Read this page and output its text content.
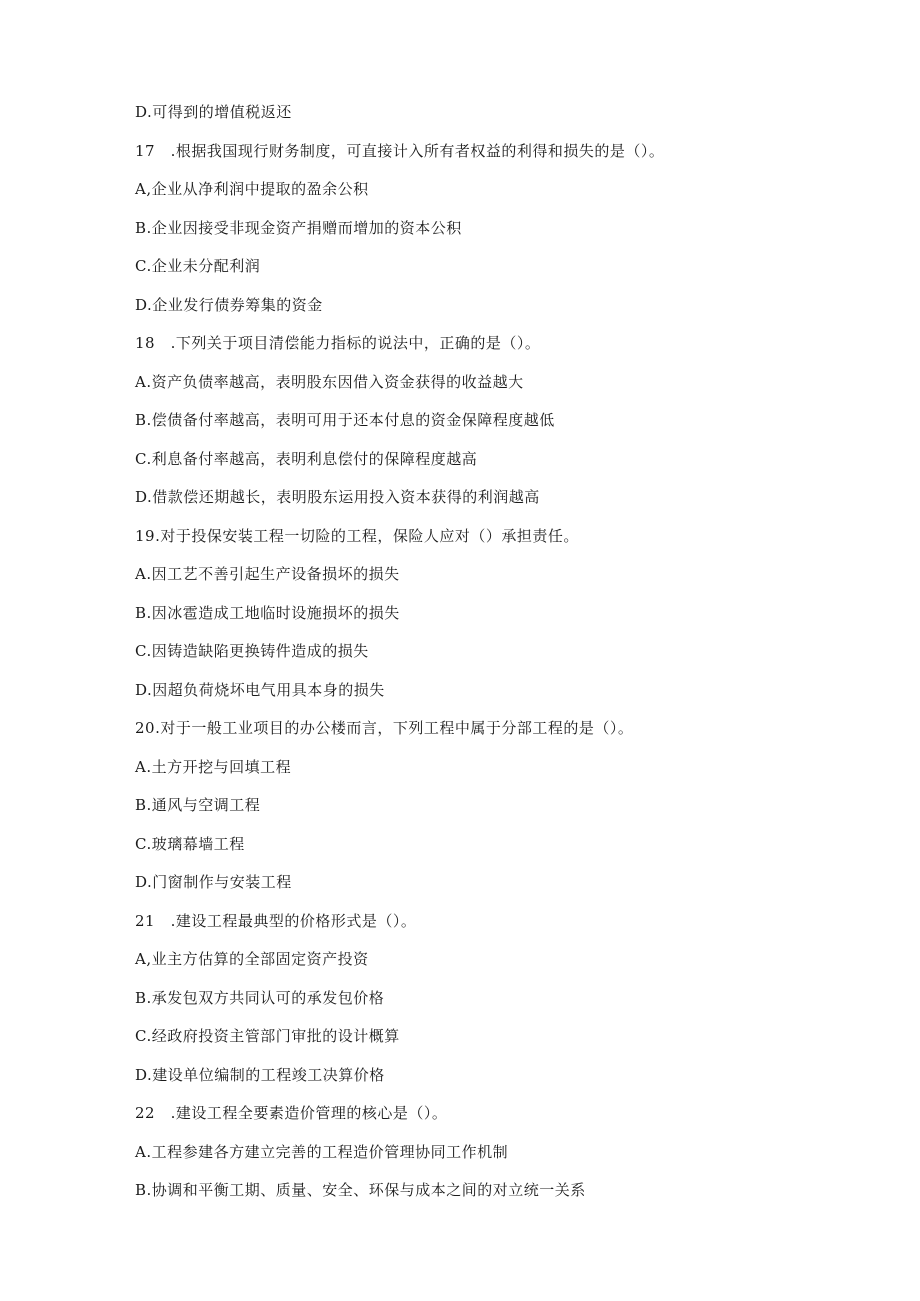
D.可得到的增值税返还
17　.根据我国现行财务制度，可直接计入所有者权益的利得和损失的是（）。
A,企业从净利润中提取的盈余公积
B.企业因接受非现金资产捐赠而增加的资本公积
C.企业未分配利润
D.企业发行债券筹集的资金
18　.下列关于项目清偿能力指标的说法中，正确的是（）。
A.资产负债率越高，表明股东因借入资金获得的收益越大
B.偿债备付率越高，表明可用于还本付息的资金保障程度越低
C.利息备付率越高，表明利息偿付的保障程度越高
D.借款偿还期越长，表明股东运用投入资本获得的利润越高
19.对于投保安装工程一切险的工程，保险人应对（）承担责任。
A.因工艺不善引起生产设备损坏的损失
B.因冰雹造成工地临时设施损坏的损失
C.因铸造缺陷更换铸件造成的损失
D.因超负荷烧坏电气用具本身的损失
20.对于一般工业项目的办公楼而言，下列工程中属于分部工程的是（）。
A.土方开挖与回填工程
B.通风与空调工程
C.玻璃幕墙工程
D.门窗制作与安装工程
21　.建设工程最典型的价格形式是（）。
A,业主方估算的全部固定资产投资
B.承发包双方共同认可的承发包价格
C.经政府投资主管部门审批的设计概算
D.建设单位编制的工程竣工决算价格
22　.建设工程全要素造价管理的核心是（）。
A.工程参建各方建立完善的工程造价管理协同工作机制
B.协调和平衡工期、质量、安全、环保与成本之间的对立统一关系
